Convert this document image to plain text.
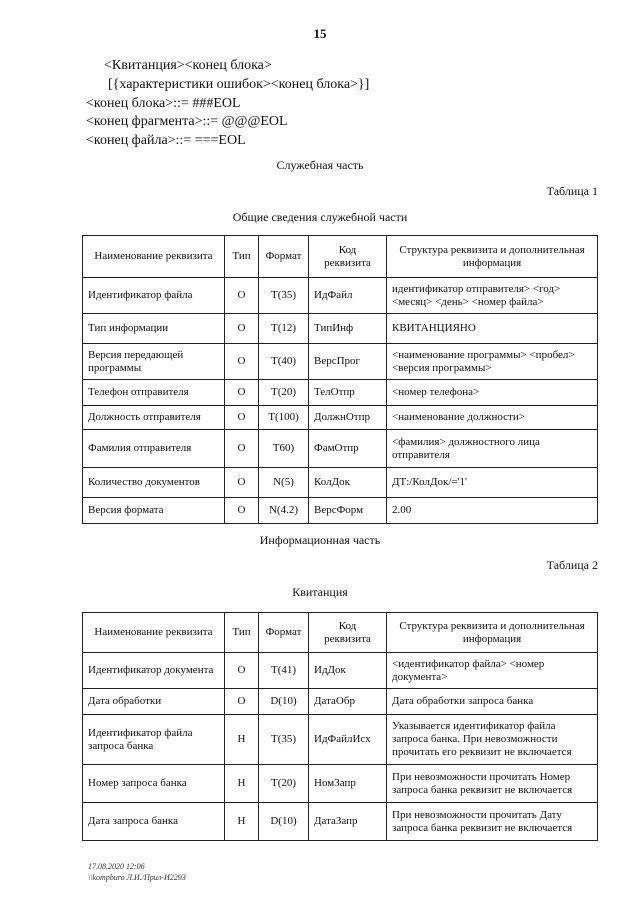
15
<Квитанция><конец блока>
[{характеристики ошибок><конец блока>}]
<конец блока>::= ###EOL
<конец фрагмента>::= @@@EOL
<конец файла>::= ===EOL
Служебная часть
Таблица 1
Общие сведения служебной части
Наименование реквизита	Тип	Формат	Код реквизита	Структура реквизита и дополнительная информация
Идентификатор файла	О	Т(35)	ИдФайл	идентификатор отправителя> <год> <месяц> <день> <номер файла>
Тип информации	О	Т(12)	ТипИнф	КВИТАНЦИЯНО
Версия передающей программы	О	Т(40)	ВерсПрог	<наименование программы> <пробел> <версия программы>
Телефон отправителя	О	Т(20)	ТелОтпр	<номер телефона>
Должность отправителя	О	Т(100)	ДолжнОтпр	<наименование должности>
Фамилия отправителя	О	Т60)	ФамОтпр	<фамилия> должностного лица отправителя
Количество документов	О	N(5)	КолДок	ДТ:/КолДок/='1'
Версия формата	О	N(4.2)	ВерсФорм	2.00
Информационная часть
Таблица 2
Квитанция
Наименование реквизита	Тип	Формат	Код реквизита	Структура реквизита и дополнительная информация
Идентификатор документа	О	Т(41)	ИдДок	<идентификатор файла> <номер документа>
Дата обработки	О	D(10)	ДатаОбр	Дата обработки запроса банка
Идентификатор файла запроса банка	Н	Т(35)	ИдФайлИсх	Указывается идентификатор файла запроса банка. При невозможности прочитать его реквизит не включается
Номер запроса банка	Н	Т(20)	НомЗапр	При невозможности прочитать Номер запроса банка реквизит не включается
Дата запроса банка	Н	D(10)	ДатаЗапр	При невозможности прочитать Дату запроса банка реквизит не включается
17.08.2020 12:06
\\kompburo Л.И./Прил-И2293
